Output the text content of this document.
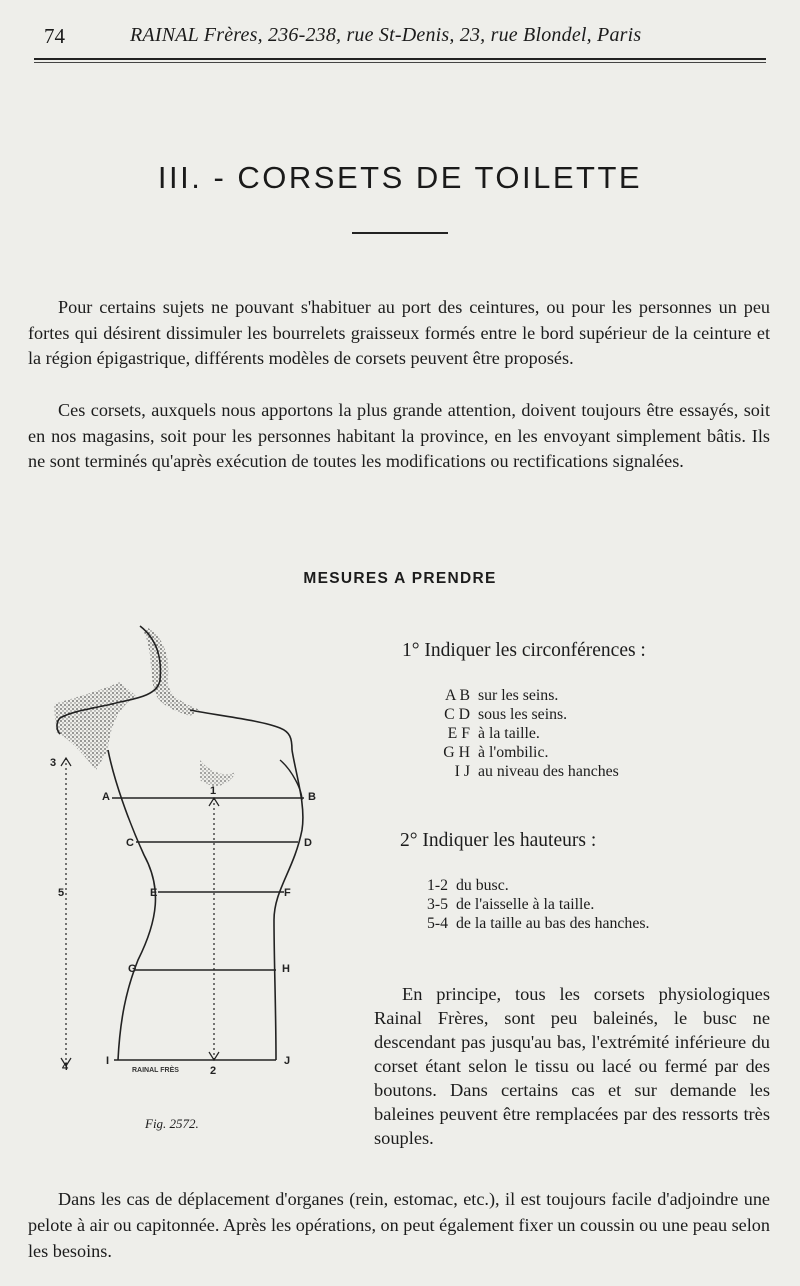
74	RAINAL Frères, 236-238, rue St-Denis, 23, rue Blondel, Paris
III. - CORSETS DE TOILETTE

Pour certains sujets ne pouvant s'habituer au port des ceintures, ou pour les personnes un peu fortes qui désirent dissimuler les bourrelets graisseux formés entre le bord supérieur de la ceinture et la région épigastrique, différents modèles de corsets peuvent être proposés.

Ces corsets, auxquels nous apportons la plus grande attention, doivent toujours être essayés, soit en nos magasins, soit pour les personnes habitant la province, en les envoyant simplement bâtis. Ils ne sont terminés qu'après exécution de toutes les modifications ou rectifications signalées.

MESURES A PRENDRE
A	B
C	D
E	F
G	H
I	J
1
2
3
4
5
RAINAL FRÈS
Fig. 2572.
1° Indiquer les circonférences :
A B sur les seins.
C D sous les seins.
E F à la taille.
G H à l'ombilic.
I J au niveau des hanches
2° Indiquer les hauteurs :
1-2 du busc.
3-5 de l'aisselle à la taille.
5-4 de la taille au bas des hanches.

En principe, tous les corsets physiologiques Rainal Frères, sont peu baleinés, le busc ne descendant pas jusqu'au bas, l'extrémité inférieure du corset étant selon le tissu ou lacé ou fermé par des boutons. Dans certains cas et sur demande les baleines peuvent être remplacées par des ressorts très souples.

Dans les cas de déplacement d'organes (rein, estomac, etc.), il est toujours facile d'adjoindre une pelote à air ou capitonnée. Après les opérations, on peut également fixer un coussin ou une peau selon les besoins.
